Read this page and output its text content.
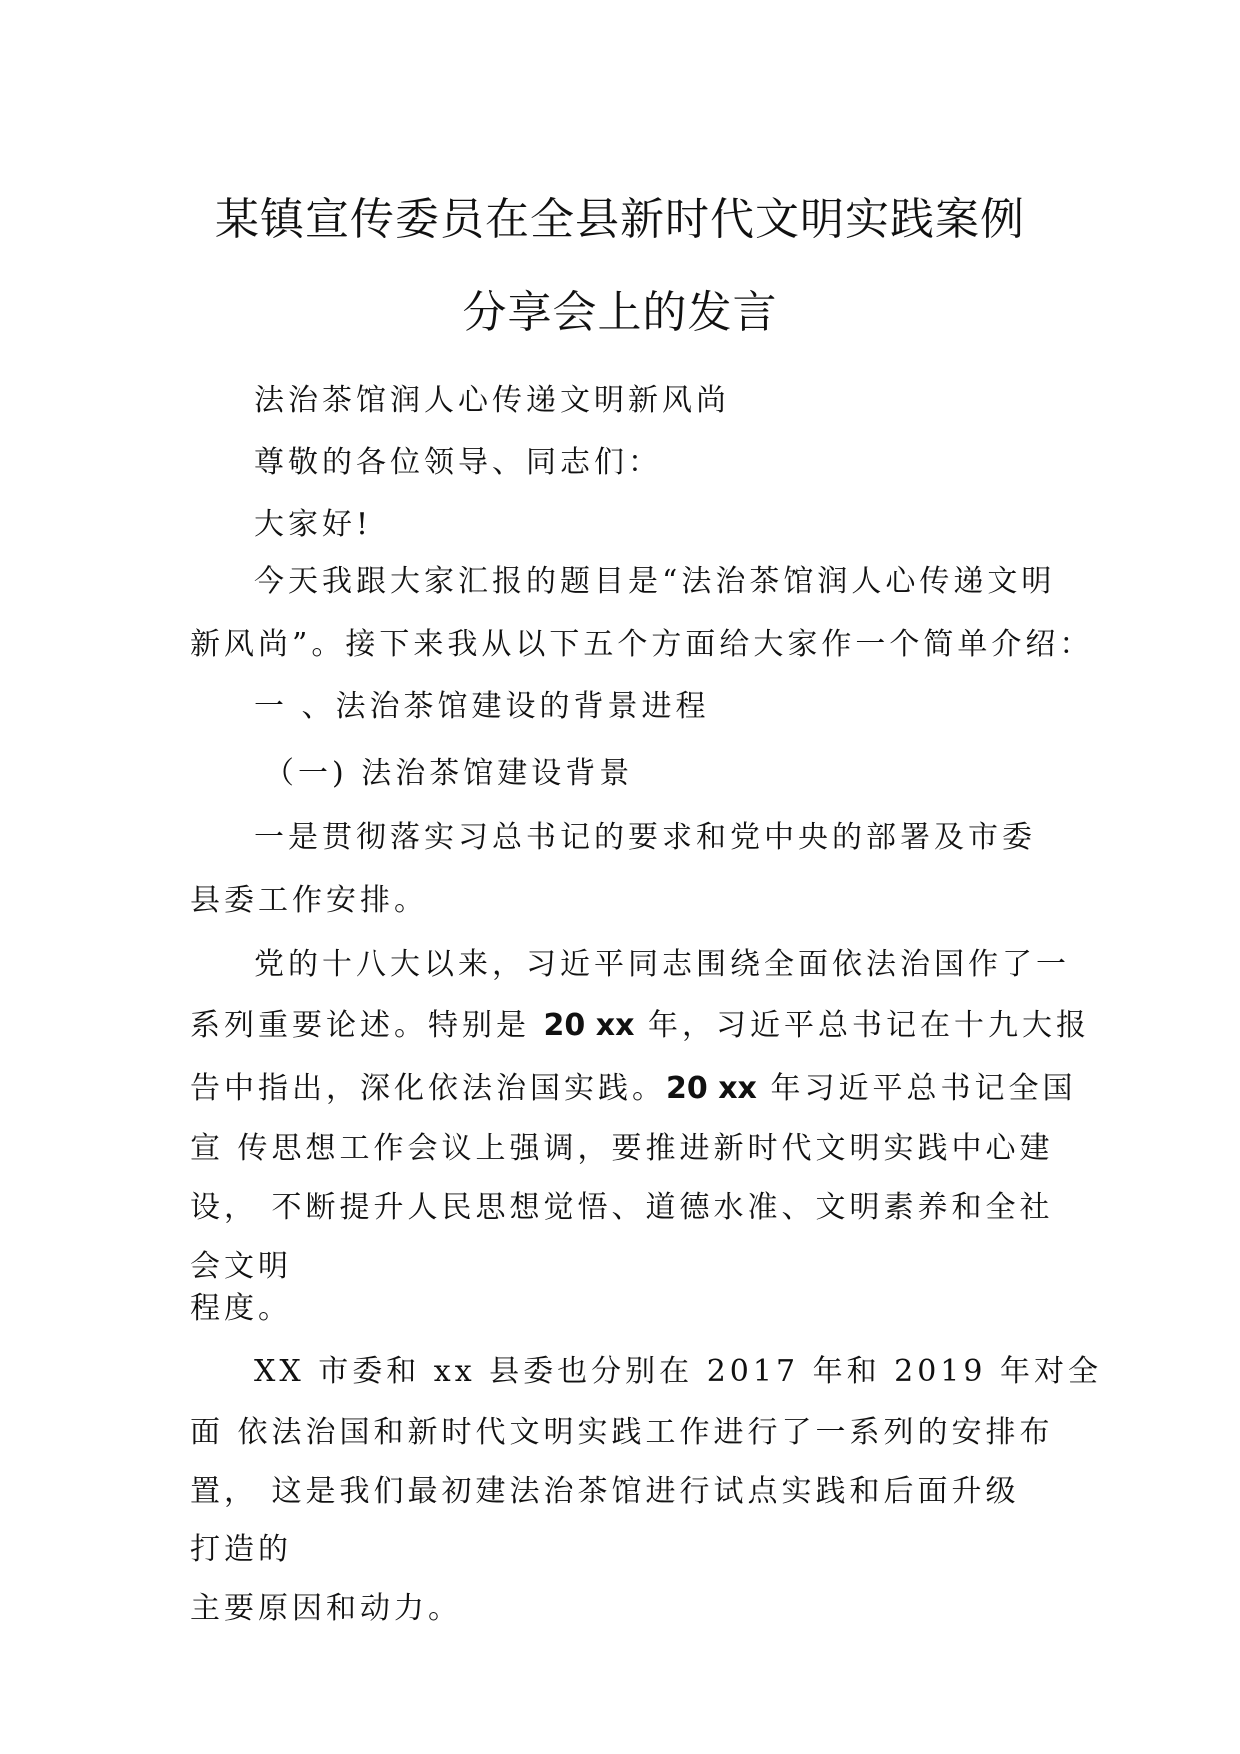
某镇宣传委员在全县新时代文明实践案例
分享会上的发言
法治茶馆润人心传递文明新风尚
尊敬的各位领导、同志们：
大家好!
今天我跟大家汇报的题目是“法治茶馆润人心传递文明
新风尚”。接下来我从以下五个方面给大家作一个简单介绍：
一 、法治茶馆建设的背景进程
（一) 法治茶馆建设背景
一是贯彻落实习总书记的要求和党中央的部署及市委
县委工作安排。
党的十八大以来，习近平同志围绕全面依法治国作了一
系列重要论述。特别是 20 xx 年，习近平总书记在十九大报
告中指出，深化依法治国实践。20 xx 年习近平总书记全国
宣 传思想工作会议上强调，要推进新时代文明实践中心建
设， 不断提升人民思想觉悟、道德水准、文明素养和全社
会文明
程度。
XX 市委和 xx 县委也分别在 2017 年和 2019 年对全
面 依法治国和新时代文明实践工作进行了一系列的安排布
置， 这是我们最初建法治茶馆进行试点实践和后面升级
打造的
主要原因和动力。
